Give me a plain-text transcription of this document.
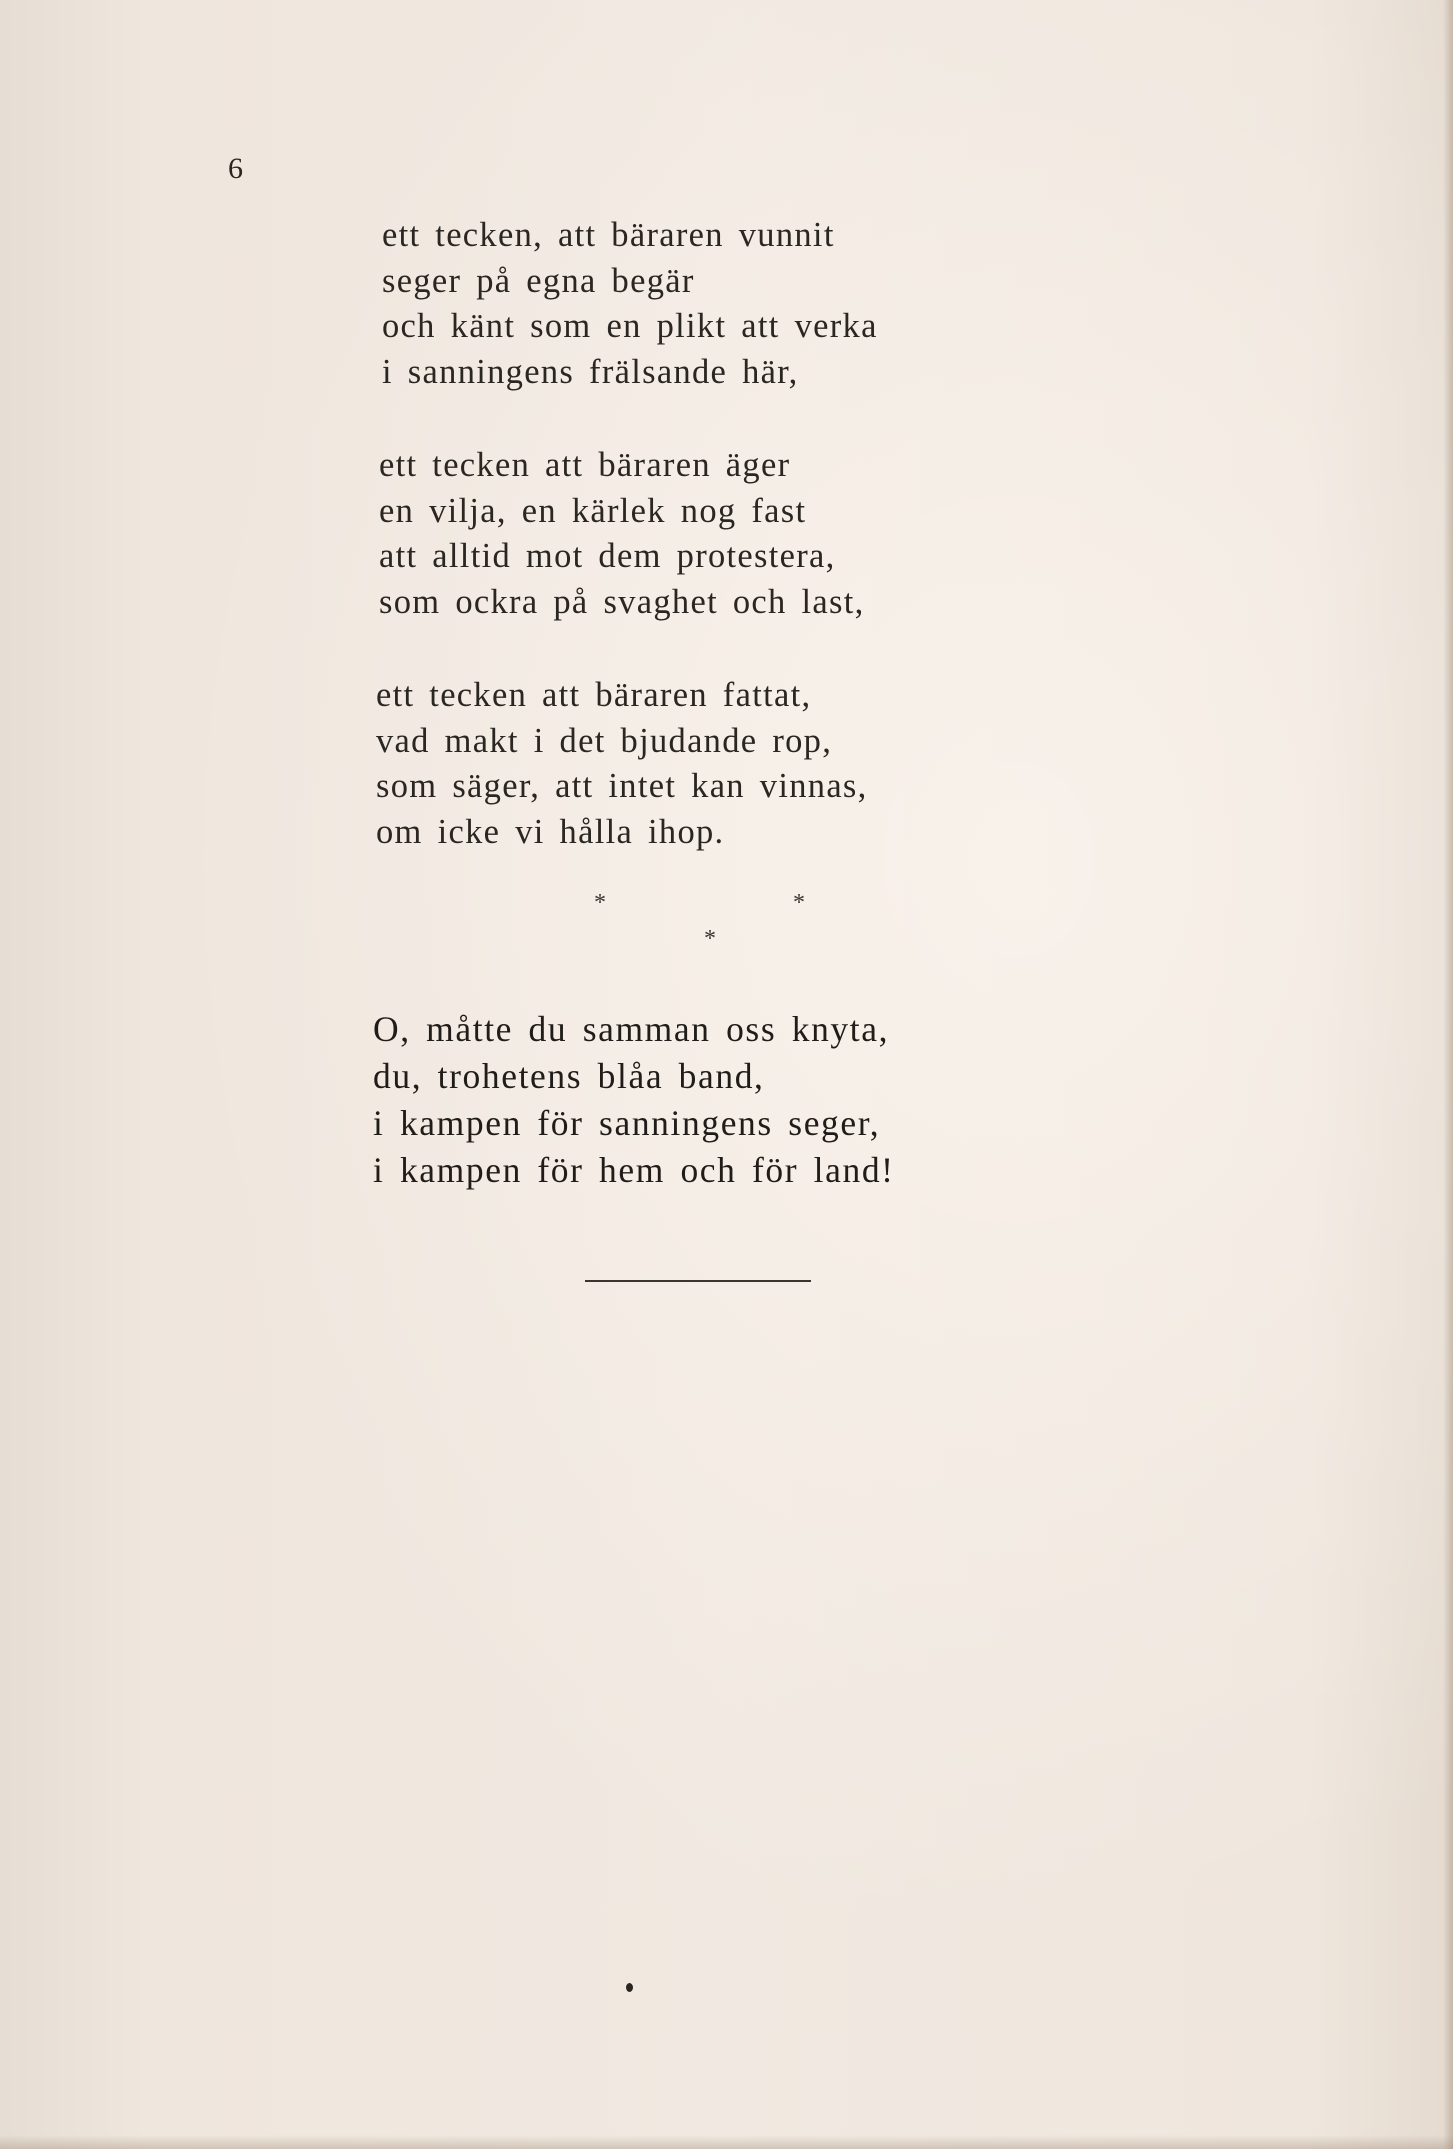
6
ett tecken, att bäraren vunnit
seger på egna begär
och känt som en plikt att verka
i sanningens frälsande här,
ett tecken att bäraren äger
en vilja, en kärlek nog fast
att alltid mot dem protestera,
som ockra på svaghet och last,
ett tecken att bäraren fattat,
vad makt i det bjudande rop,
som säger, att intet kan vinnas,
om icke vi hålla ihop.
*	*
*
O, måtte du samman oss knyta,
du, trohetens blåa band,
i kampen för sanningens seger,
i kampen för hem och för land!
